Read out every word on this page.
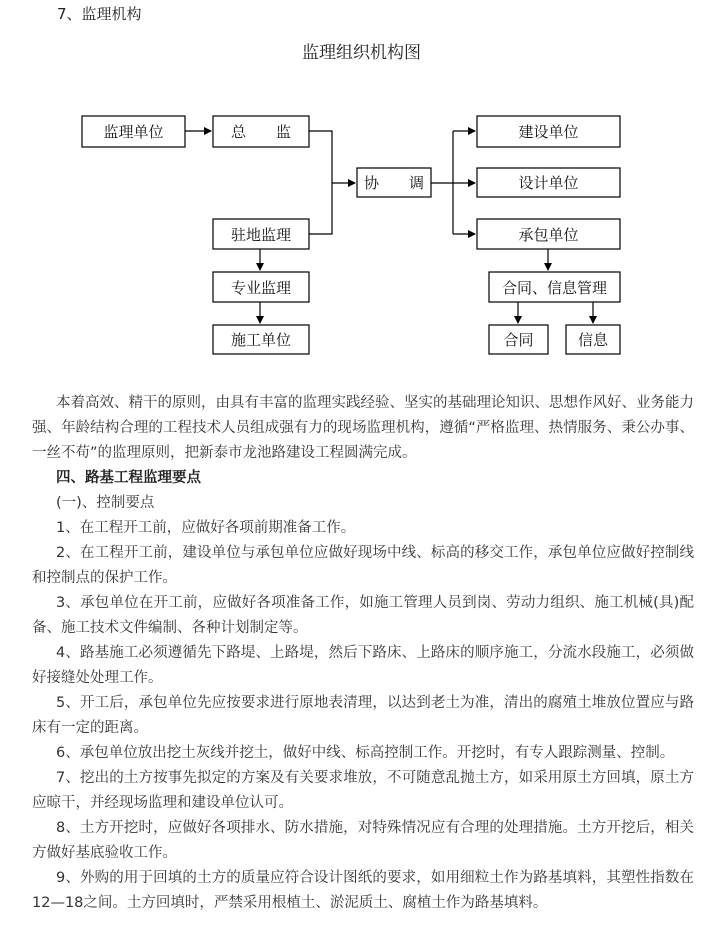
7、监理机构
监理组织机构图
监理单位	总　　监
协　　调
建设单位
设计单位
驻地监理	承包单位
专业监理	合同、信息管理
施工单位	合同	信息

本着高效、精干的原则，由具有丰富的监理实践经验、坚实的基础理论知识、思想作风好、业务能力强、年龄结构合理的工程技术人员组成强有力的现场监理机构，遵循“严格监理、热情服务、秉公办事、一丝不苟”的监理原则，把新泰市龙池路建设工程圆满完成。

四、路基工程监理要点

(一)、控制要点

1、在工程开工前，应做好各项前期准备工作。

2、在工程开工前，建设单位与承包单位应做好现场中线、标高的移交工作，承包单位应做好控制线和控制点的保护工作。

3、承包单位在开工前，应做好各项准备工作，如施工管理人员到岗、劳动力组织、施工机械(具)配备、施工技术文件编制、各种计划制定等。

4、路基施工必须遵循先下路堤、上路堤，然后下路床、上路床的顺序施工，分流水段施工，必须做好接缝处处理工作。

5、开工后，承包单位先应按要求进行原地表清理，以达到老土为准，清出的腐殖土堆放位置应与路床有一定的距离。

6、承包单位放出挖土灰线并挖土，做好中线、标高控制工作。开挖时，有专人跟踪测量、控制。

7、挖出的土方按事先拟定的方案及有关要求堆放，不可随意乱抛土方，如采用原土方回填，原土方应晾干，并经现场监理和建设单位认可。

8、土方开挖时，应做好各项排水、防水措施，对特殊情况应有合理的处理措施。土方开挖后，相关方做好基底验收工作。

9、外购的用于回填的土方的质量应符合设计图纸的要求，如用细粒土作为路基填料，其塑性指数在12—18之间。土方回填时，严禁采用根植土、淤泥质土、腐植土作为路基填料。
